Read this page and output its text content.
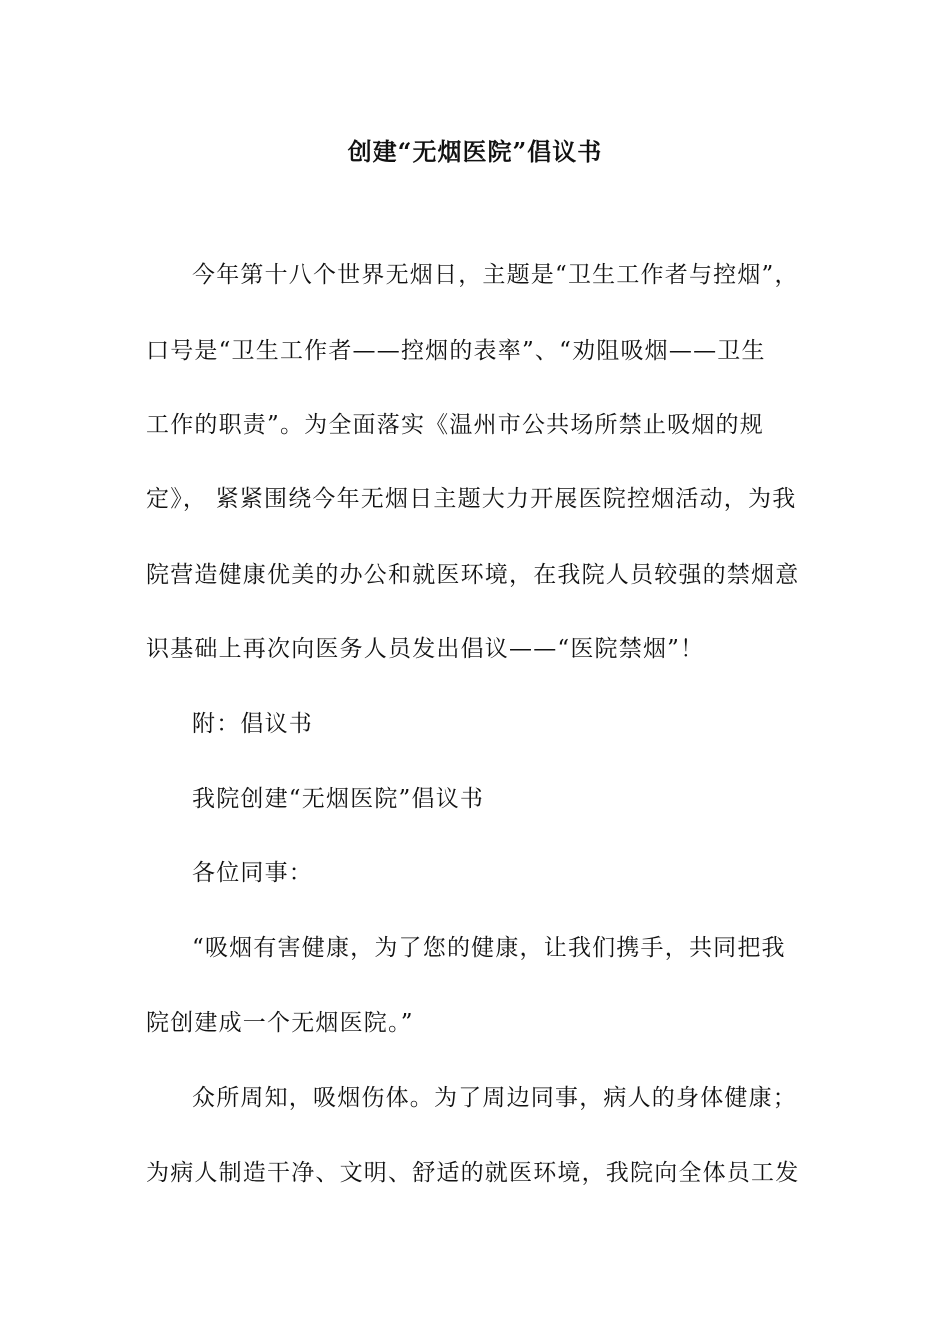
创建“无烟医院”倡议书
今年第十八个世界无烟日，主题是“卫生工作者与控烟”，
口号是“卫生工作者——控烟的表率”、“劝阻吸烟——卫生
工作的职责”。为全面落实《温州市公共场所禁止吸烟的规
定》， 紧紧围绕今年无烟日主题大力开展医院控烟活动，为我
院营造健康优美的办公和就医环境，在我院人员较强的禁烟意
识基础上再次向医务人员发出倡议——“医院禁烟”！
附：倡议书
我院创建“无烟医院”倡议书
各位同事：
“吸烟有害健康，为了您的健康，让我们携手，共同把我
院创建成一个无烟医院。”
众所周知，吸烟伤体。为了周边同事，病人的身体健康；
为病人制造干净、文明、舒适的就医环境，我院向全体员工发
